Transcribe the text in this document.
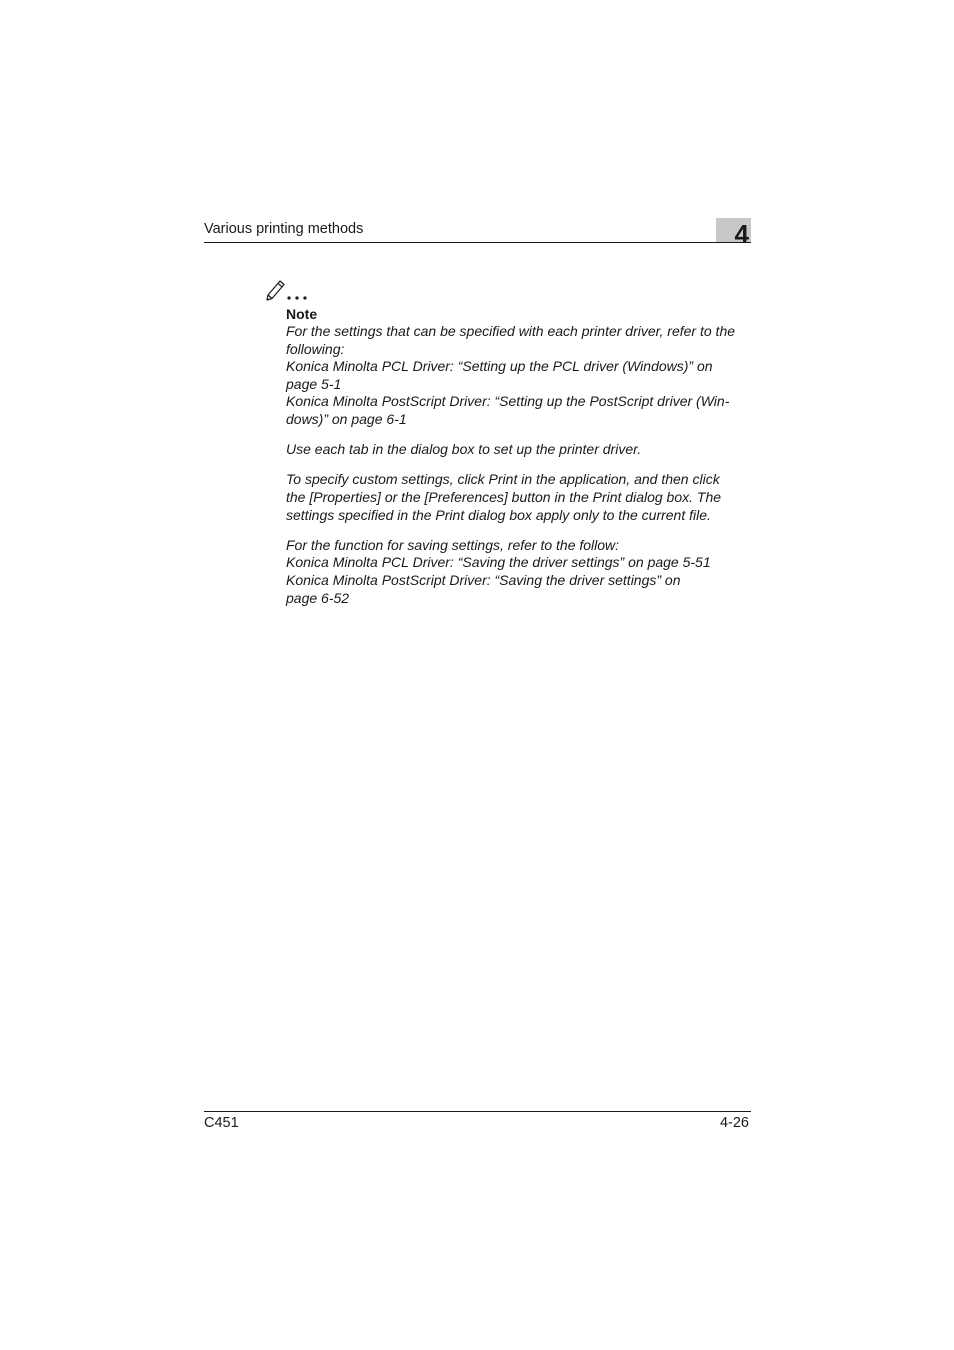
Various printing methods	4
Note
For the settings that can be specified with each printer driver, refer to the
following:
Konica Minolta PCL Driver: “Setting up the PCL driver (Windows)” on
page 5-1
Konica Minolta PostScript Driver: “Setting up the PostScript driver (Win-
dows)” on page 6-1
Use each tab in the dialog box to set up the printer driver.
To specify custom settings, click Print in the application, and then click
the [Properties] or the [Preferences] button in the Print dialog box. The
settings specified in the Print dialog box apply only to the current file.
For the function for saving settings, refer to the follow:
Konica Minolta PCL Driver: “Saving the driver settings” on page 5-51
Konica Minolta PostScript Driver: “Saving the driver settings” on
page 6-52
C451	4-26
